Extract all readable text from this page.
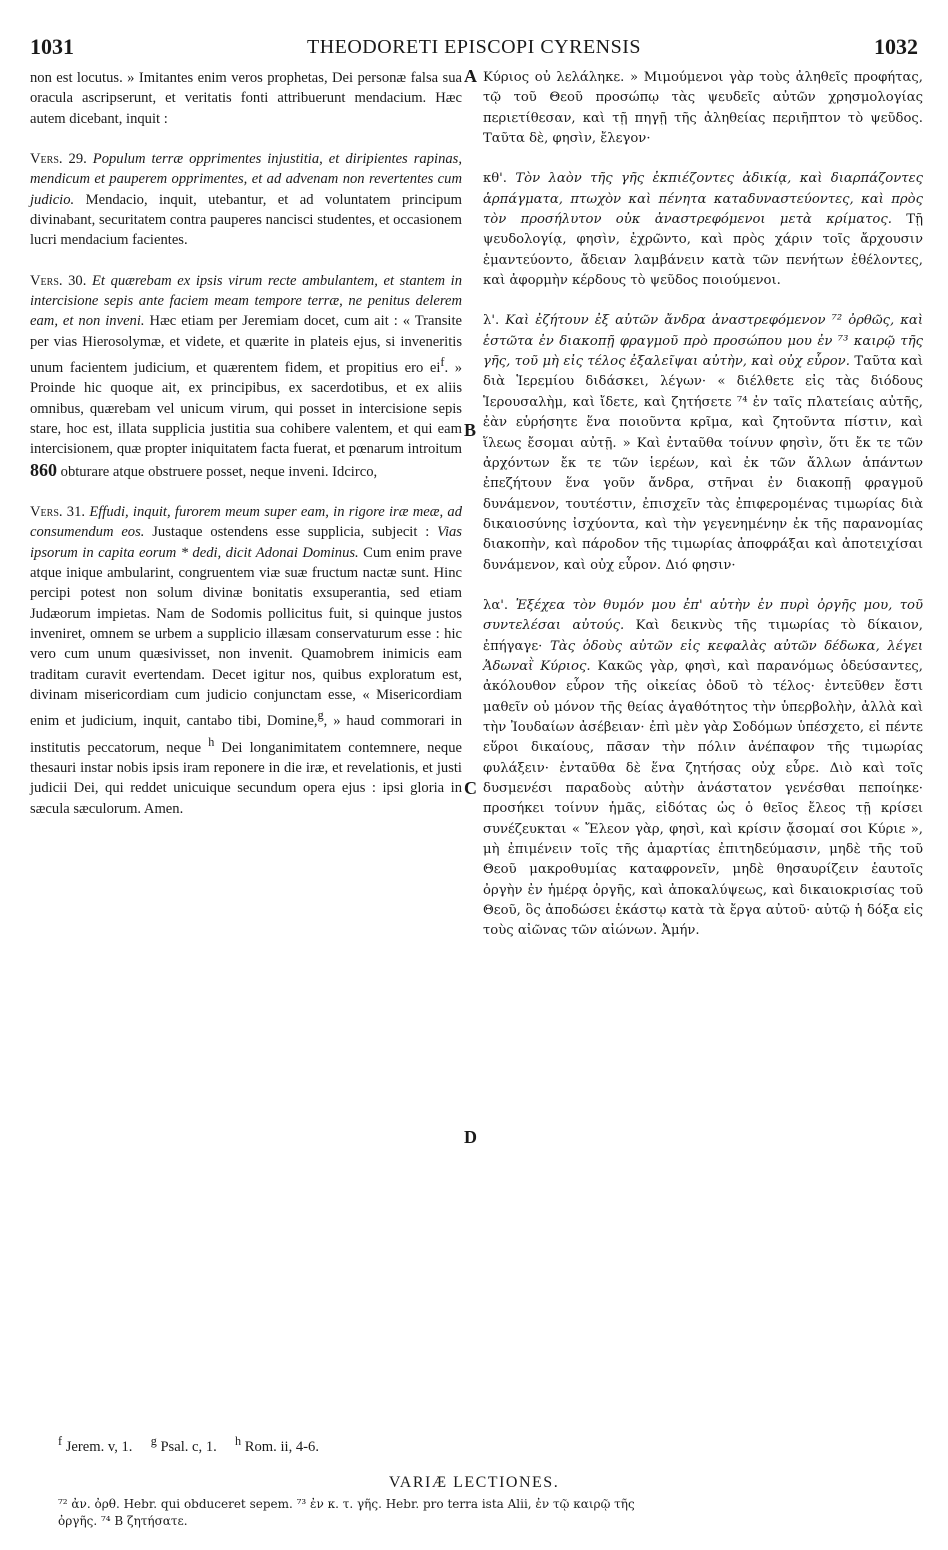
1031	THEODORETI EPISCOPI CYRENSIS	1032
A
B
C
D

non est locutus. » Imitantes enim veros prophetas, Dei personæ falsa sua oracula ascripserunt, et veritatis fonti attribuerunt mendacium. Hæc autem dicebant, inquit :

Vers. 29. Populum terræ opprimentes injustitia, et diripientes rapinas, mendicum et pauperem opprimentes, et ad advenam non revertentes cum judicio. Mendacio, inquit, utebantur, et ad voluntatem principum divinabant, securitatem contra pauperes nancisci studentes, et occasionem lucri mendacium facientes.

Vers. 30. Et quærebam ex ipsis virum recte ambulantem, et stantem in intercisione sepis ante faciem meam tempore terræ, ne penitus delerem eam, et non inveni. Hæc etiam per Jeremiam docet, cum ait : « Transite per vias Hierosolymæ, et videte, et quærite in plateis ejus, si inveneritis unum facientem judicium, et quærentem fidem, et propitius ero $ei^f$. » Proinde hic quoque ait, ex principibus, ex sacerdotibus, et ex aliis omnibus, quærebam vel unicum virum, qui posset in intercisione sepis stare, hoc est, illata supplicia justitia sua cohibere valentem, et qui eam intercisionem, quæ propter iniquitatem facta fuerat, et pœnarum introitum 860 obturare atque obstruere posset, neque inveni. Idcirco,

Vers. 31. Effudi, inquit, furorem meum super eam, in rigore iræ meæ, ad consumendum eos. Justaque ostendens esse supplicia, subjecit : Vias ipsorum in capita eorum * dedi, dicit Adonai Dominus. Cum enim prave atque inique ambularint, congruentem viæ suæ fructum nactæ sunt. Hinc percipi potest non solum divinæ bonitatis exsuperantia, sed etiam Judæorum impietas. Nam de Sodomis pollicitus fuit, si quinque justos inveniret, omnem se urbem a supplicio illæsam conservaturum esse : hic vero cum unum quæsivisset, non invenit. Quamobrem inimicis eam traditam curavit evertendam. Decet igitur nos, quibus exploratum est, divinam misericordiam cum judicio conjunctam esse, « Misericordiam enim et judicium, inquit, cantabo tibi, Domine,$^g$, » haud commorari in institutis peccatorum, neque $^h$ Dei longanimitatem contemnere, neque thesauri instar nobis ipsis iram reponere in die iræ, et revelationis, et justi judicii Dei, qui reddet unicuique secundum opera ejus : ipsi gloria in sæcula sæculorum. Amen.

Κύριος οὐ λελάληκε. » Μιμούμενοι γὰρ τοὺς ἀληθεῖς προφήτας, τῷ τοῦ Θεοῦ προσώπῳ τὰς ψευδεῖς αὐτῶν χρησμολογίας περιετίθεσαν, καὶ τῇ πηγῇ τῆς ἀληθείας περιῆπτον τὸ ψεῦδος. Ταῦτα δὲ, φησὶν, ἔλεγον·

κθ'. Τὸν λαὸν τῆς γῆς ἐκπιέζοντες ἀδικίᾳ, καὶ διαρπάζοντες ἁρπάγματα, πτωχὸν καὶ πένητα καταδυναστεύοντες, καὶ πρὸς τὸν προσήλυτον οὐκ ἀναστρεφόμενοι μετὰ κρίματος. Τῇ ψευδολογίᾳ, φησὶν, ἐχρῶντο, καὶ πρὸς χάριν τοῖς ἄρχουσιν ἐμαντεύοντο, ἄδειαν λαμβάνειν κατὰ τῶν πενήτων ἐθέλοντες, καὶ ἀφορμὴν κέρδους τὸ ψεῦδος ποιούμενοι.

λ'. Καὶ ἐζήτουν ἐξ αὐτῶν ἄνδρα ἀναστρεφόμενον ⁷² ὀρθῶς, καὶ ἑστῶτα ἐν διακοπῇ φραγμοῦ πρὸ προσώπου μου ἐν ⁷³ καιρῷ τῆς γῆς, τοῦ μὴ εἰς τέλος ἐξαλεῖψαι αὐτὴν, καὶ οὐχ εὗρον. Ταῦτα καὶ διὰ Ἱερεμίου διδάσκει, λέγων· « διέλθετε εἰς τὰς διόδους Ἱερουσαλὴμ, καὶ ἴδετε, καὶ ζητήσετε ⁷⁴ ἐν ταῖς πλατείαις αὐτῆς, ἐὰν εὑρήσητε ἕνα ποιοῦντα κρῖμα, καὶ ζητοῦντα πίστιν, καὶ ἵλεως ἔσομαι αὐτῇ. » Καὶ ἐνταῦθα τοίνυν φησὶν, ὅτι ἔκ τε τῶν ἀρχόντων ἔκ τε τῶν ἱερέων, καὶ ἐκ τῶν ἄλλων ἁπάντων ἐπεζήτουν ἕνα γοῦν ἄνδρα, στῆναι ἐν διακοπῇ φραγμοῦ δυνάμενον, τουτέστιν, ἐπισχεῖν τὰς ἐπιφερομένας τιμωρίας διὰ δικαιοσύνης ἰσχύοντα, καὶ τὴν γεγενημένην ἐκ τῆς παρανομίας διακοπὴν, καὶ πάροδον τῆς τιμωρίας ἀποφράξαι καὶ ἀποτειχίσαι δυνάμενον, καὶ οὐχ εὗρον. Διό φησιν·

λα'. Ἐξέχεα τὸν θυμόν μου ἐπ' αὐτὴν ἐν πυρὶ ὀργῆς μου, τοῦ συντελέσαι αὐτούς. Καὶ δεικνὺς τῆς τιμωρίας τὸ δίκαιον, ἐπήγαγε· Τὰς ὁδοὺς αὐτῶν εἰς κεφαλὰς αὐτῶν δέδωκα, λέγει Ἀδωναῒ Κύριος. Κακῶς γὰρ, φησὶ, καὶ παρανόμως ὁδεύσαντες, ἀκόλουθον εὗρον τῆς οἰκείας ὁδοῦ τὸ τέλος· ἐντεῦθεν ἔστι μαθεῖν οὐ μόνον τῆς θείας ἀγαθότητος τὴν ὑπερβολὴν, ἀλλὰ καὶ τὴν Ἰουδαίων ἀσέβειαν· ἐπὶ μὲν γὰρ Σοδόμων ὑπέσχετο, εἰ πέντε εὕροι δικαίους, πᾶσαν τὴν πόλιν ἀνέπαφον τῆς τιμωρίας φυλάξειν· ἐνταῦθα δὲ ἕνα ζητήσας οὐχ εὗρε. Διὸ καὶ τοῖς δυσμενέσι παραδοὺς αὐτὴν ἀνάστατον γενέσθαι πεποίηκε· προσήκει τοίνυν ἡμᾶς, εἰδότας ὡς ὁ θεῖος ἔλεος τῇ κρίσει συνέζευκται « Ἔλεον γὰρ, φησὶ, καὶ κρίσιν ᾄσομαί σοι Κύριε », μὴ ἐπιμένειν τοῖς τῆς ἁμαρτίας ἐπιτηδεύμασιν, μηδὲ τῆς τοῦ Θεοῦ μακροθυμίας καταφρονεῖν, μηδὲ θησαυρίζειν ἑαυτοῖς ὀργὴν ἐν ἡμέρᾳ ὀργῆς, καὶ ἀποκαλύψεως, καὶ δικαιοκρισίας τοῦ Θεοῦ, ὃς ἀποδώσει ἑκάστῳ κατὰ τὰ ἔργα αὐτοῦ· αὐτῷ ἡ δόξα εἰς τοὺς αἰῶνας τῶν αἰώνων. Ἀμήν.

$^f$ Jerem. v, 1. $^g$ Psal. c, 1. $^h$ Rom. ii, 4-6.
VARIÆ LECTIONES.
⁷² ἀν. ὀρθ. Hebr. qui obduceret sepem. ⁷³ ἐν κ. τ. γῆς. Hebr. pro terra ista Alii, ἐν τῷ καιρῷ τῆς
ὀργῆς. ⁷⁴ B ζητήσατε.
